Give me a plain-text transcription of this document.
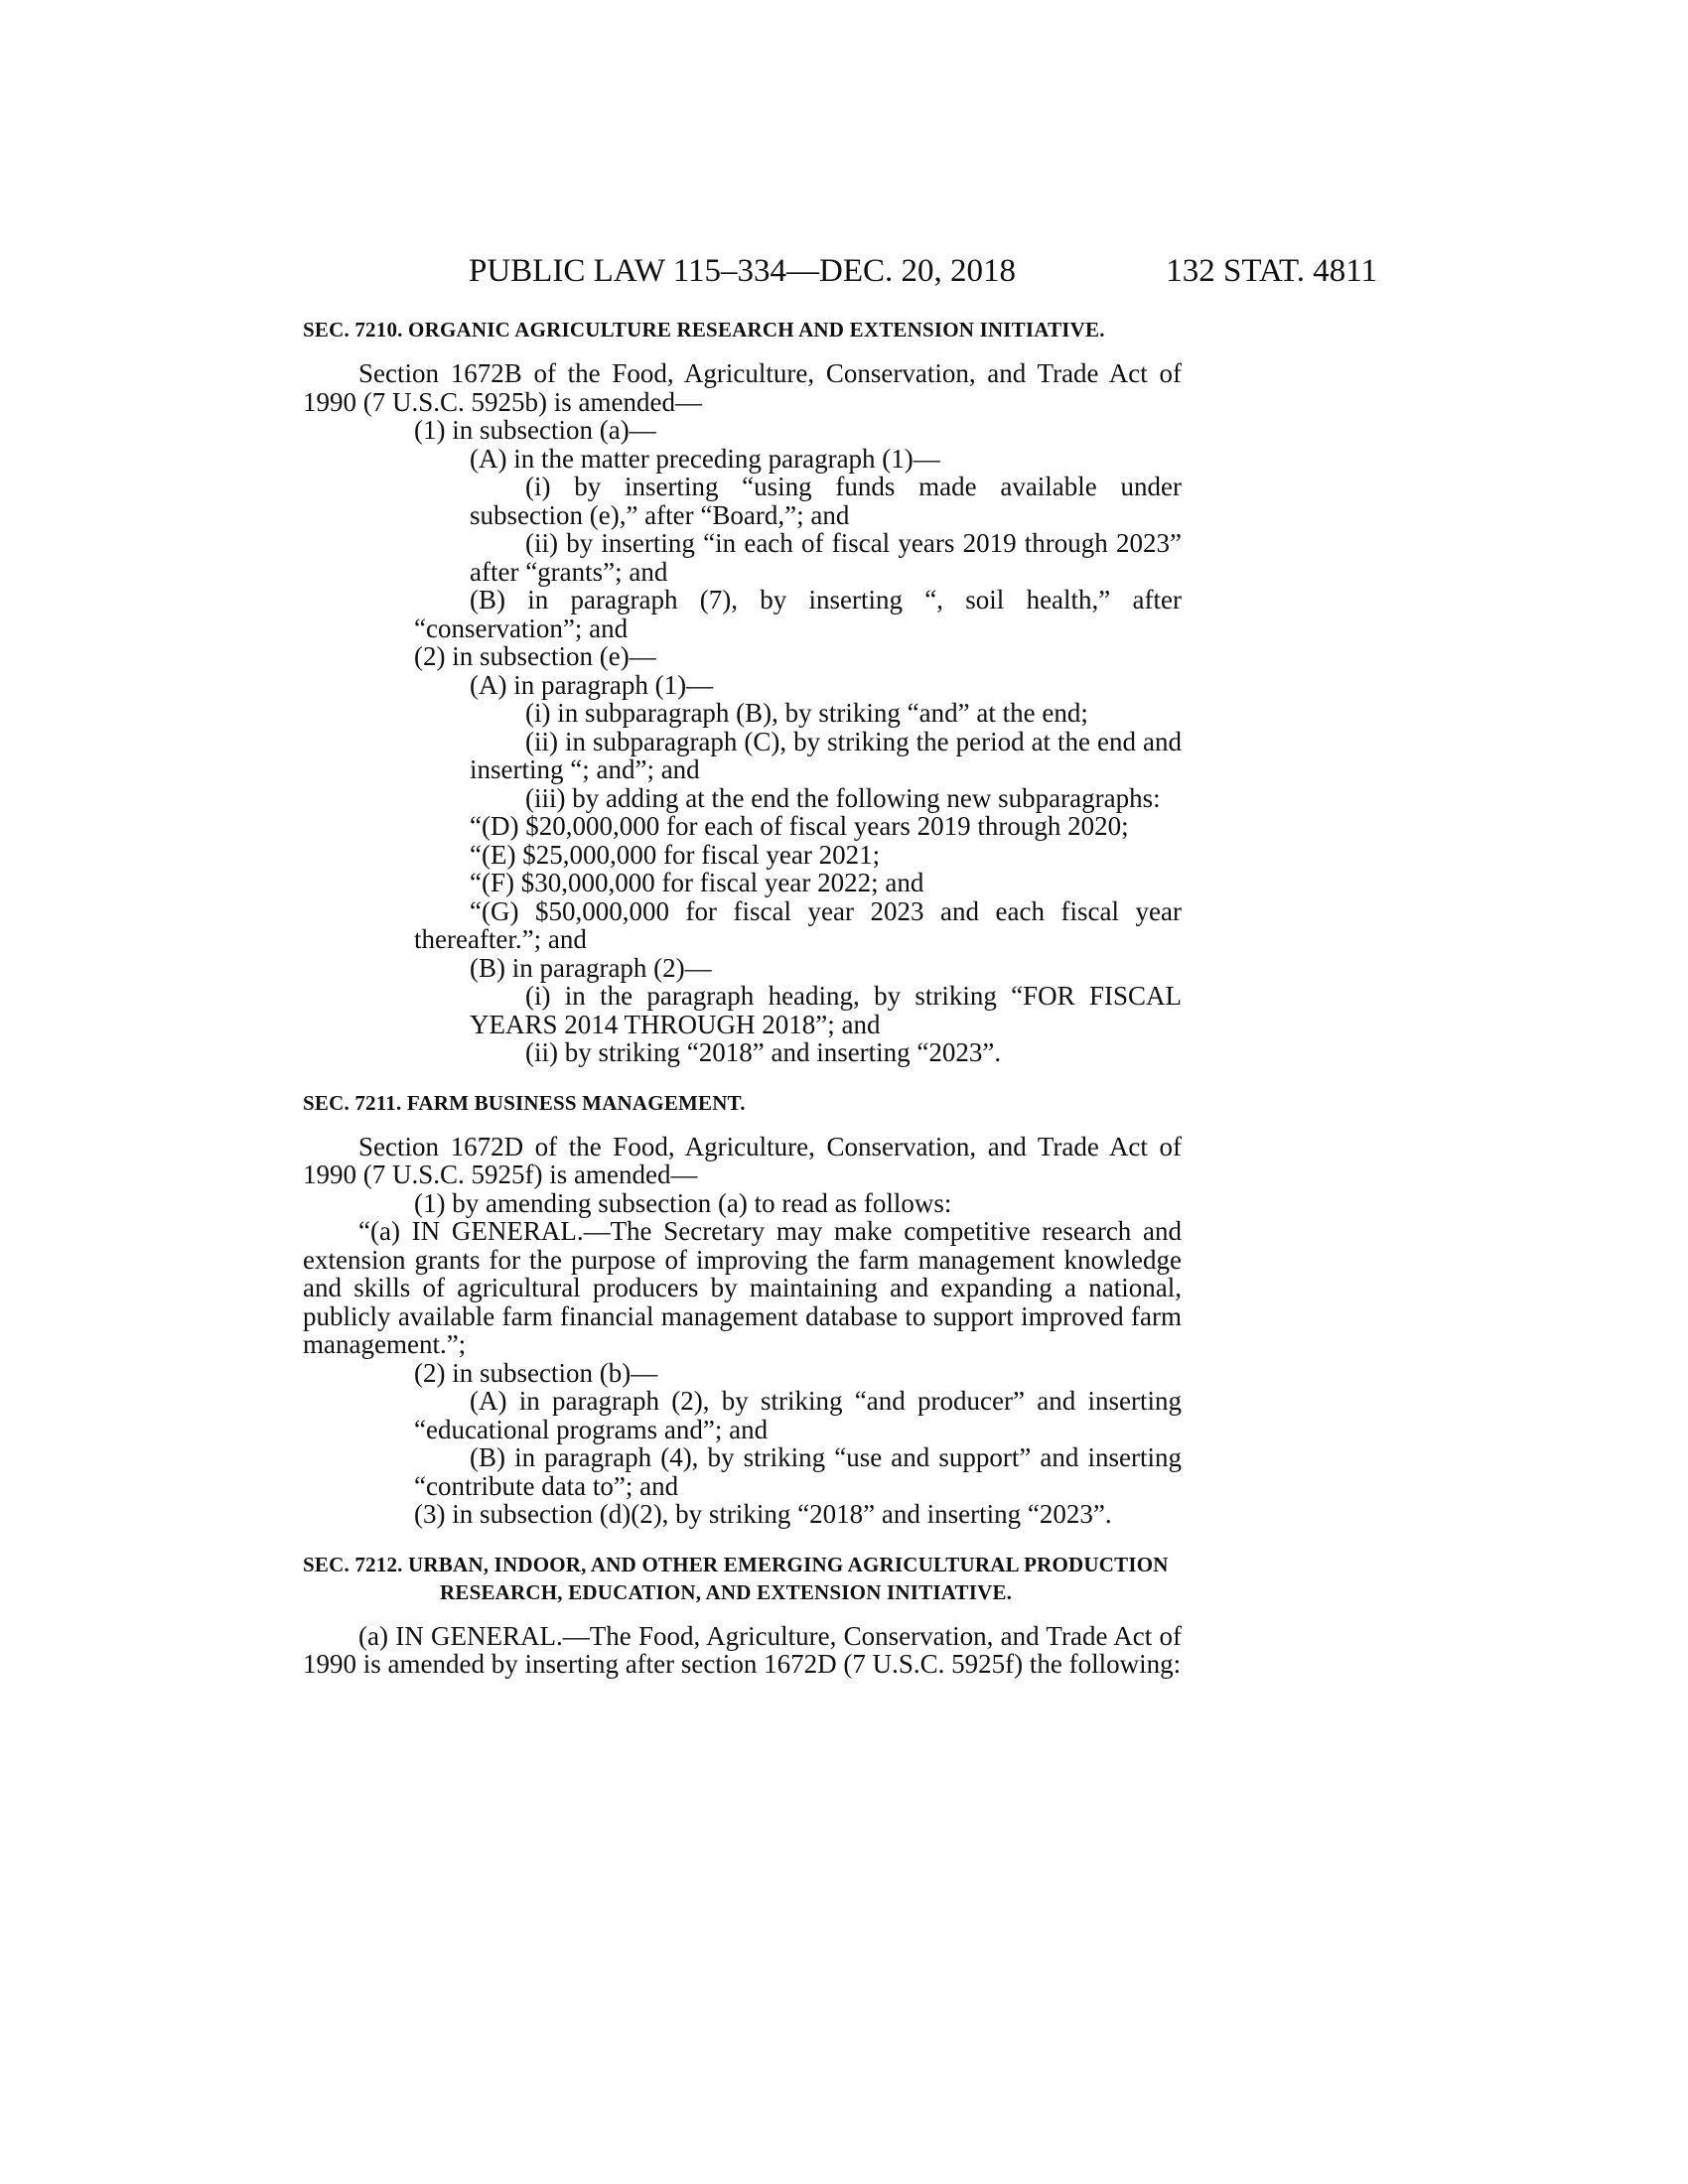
PUBLIC LAW 115–334—DEC. 20, 2018	132 STAT. 4811
SEC. 7210. ORGANIC AGRICULTURE RESEARCH AND EXTENSION INITIATIVE.
Section 1672B of the Food, Agriculture, Conservation, and Trade Act of 1990 (7 U.S.C. 5925b) is amended—
(1) in subsection (a)—
(A) in the matter preceding paragraph (1)—
(i) by inserting “using funds made available under subsection (e),” after “Board,”; and
(ii) by inserting “in each of fiscal years 2019 through 2023” after “grants”; and
(B) in paragraph (7), by inserting “, soil health,” after “conservation”; and
(2) in subsection (e)—
(A) in paragraph (1)—
(i) in subparagraph (B), by striking “and” at the end;
(ii) in subparagraph (C), by striking the period at the end and inserting “; and”; and
(iii) by adding at the end the following new subparagraphs:
“(D) $20,000,000 for each of fiscal years 2019 through 2020;
“(E) $25,000,000 for fiscal year 2021;
“(F) $30,000,000 for fiscal year 2022; and
“(G) $50,000,000 for fiscal year 2023 and each fiscal year thereafter.”; and
(B) in paragraph (2)—
(i) in the paragraph heading, by striking “FOR FISCAL YEARS 2014 THROUGH 2018”; and
(ii) by striking “2018” and inserting “2023”.
SEC. 7211. FARM BUSINESS MANAGEMENT.
Section 1672D of the Food, Agriculture, Conservation, and Trade Act of 1990 (7 U.S.C. 5925f) is amended—
(1) by amending subsection (a) to read as follows:
“(a) IN GENERAL.—The Secretary may make competitive research and extension grants for the purpose of improving the farm management knowledge and skills of agricultural producers by maintaining and expanding a national, publicly available farm financial management database to support improved farm management.”;
(2) in subsection (b)—
(A) in paragraph (2), by striking “and producer” and inserting “educational programs and”; and
(B) in paragraph (4), by striking “use and support” and inserting “contribute data to”; and
(3) in subsection (d)(2), by striking “2018” and inserting “2023”.
SEC. 7212. URBAN, INDOOR, AND OTHER EMERGING AGRICULTURAL PRODUCTION RESEARCH, EDUCATION, AND EXTENSION INITIATIVE.
(a) IN GENERAL.—The Food, Agriculture, Conservation, and Trade Act of 1990 is amended by inserting after section 1672D (7 U.S.C. 5925f) the following:
